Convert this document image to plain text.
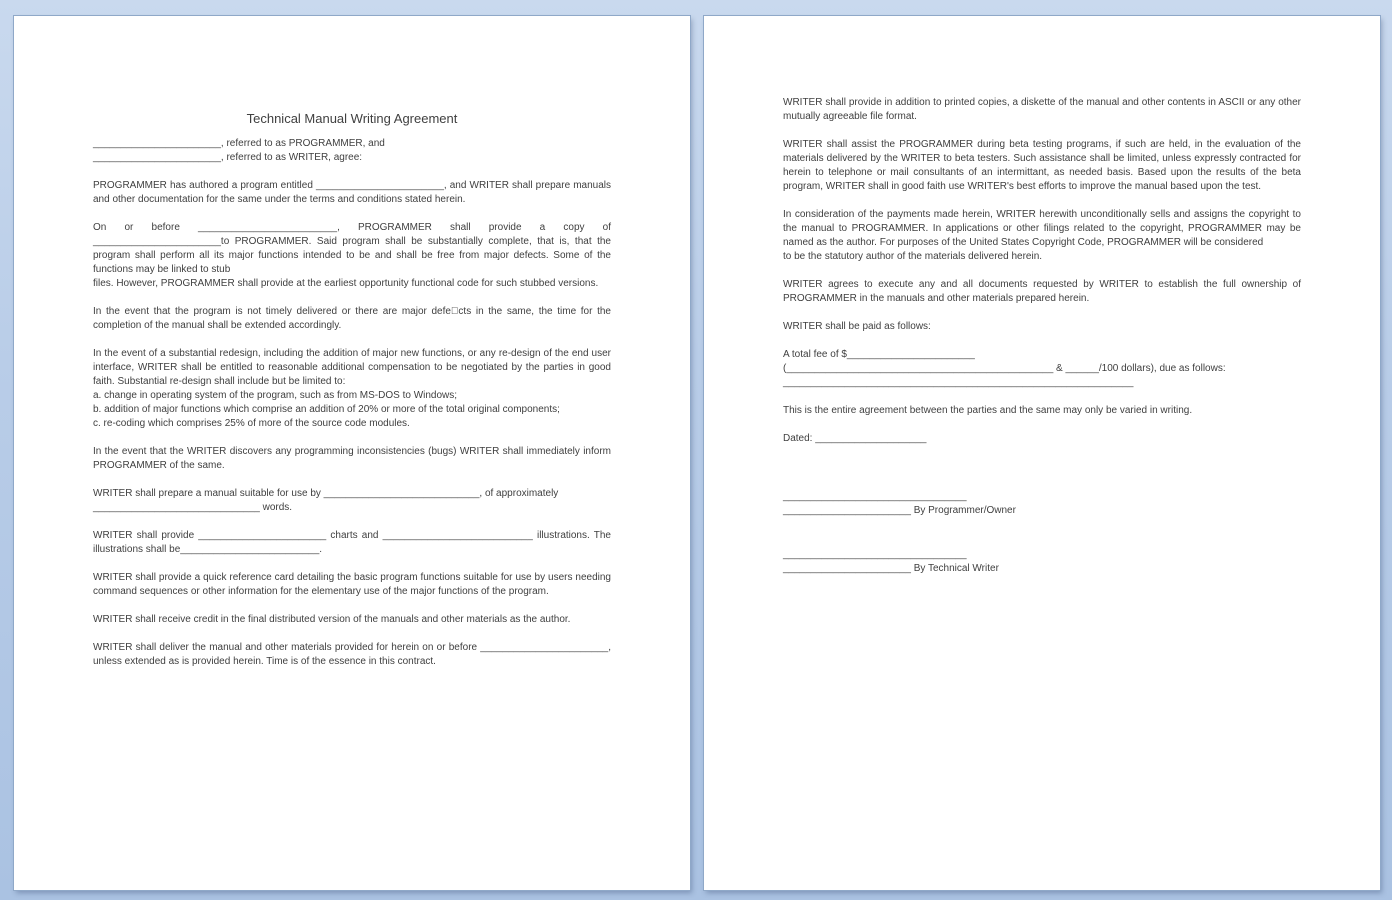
Technical Manual Writing Agreement

_______________________, referred to as PROGRAMMER, and
_______________________, referred to as WRITER, agree:

PROGRAMMER has authored a program entitled _______________________, and WRITER shall prepare manuals and other documentation for the same under the terms and conditions stated herein.

On or before _________________________, PROGRAMMER shall provide a copy of _______________________to PROGRAMMER. Said program shall be substantially complete, that is, that the program shall perform all its major functions intended to be and shall be free from major defects. Some of the functions may be linked to stub
files. However, PROGRAMMER shall provide at the earliest opportunity functional code for such stubbed versions.

In the event that the program is not timely delivered or there are major defe cts in the same, the time for the completion of the manual shall be extended accordingly.

In the event of a substantial redesign, including the addition of major new functions, or any re-design of the end user interface, WRITER shall be entitled to reasonable additional compensation to be negotiated by the parties in good faith. Substantial re-design shall include but be limited to:
a. change in operating system of the program, such as from MS-DOS to Windows;
b. addition of major functions which comprise an addition of 20% or more of the total original components;
c. re-coding which comprises 25% of more of the source code modules.

In the event that the WRITER discovers any programming inconsistencies (bugs) WRITER shall immediately inform PROGRAMMER of the same.

WRITER shall prepare a manual suitable for use by ____________________________, of approximately
______________________________ words.

WRITER shall provide _______________________ charts and ___________________________ illustrations. The illustrations shall be_________________________.

WRITER shall provide a quick reference card detailing the basic program functions suitable for use by users needing command sequences or other information for the elementary use of the major functions of the program.

WRITER shall receive credit in the final distributed version of the manuals and other materials as the author.

WRITER shall deliver the manual and other materials provided for herein on or before _______________________, unless extended as is provided herein. Time is of the essence in this contract.

WRITER shall provide in addition to printed copies, a diskette of the manual and other contents in ASCII or any other mutually agreeable file format.

WRITER shall assist the PROGRAMMER during beta testing programs, if such are held, in the evaluation of the materials delivered by the WRITER to beta testers. Such assistance shall be limited, unless expressly contracted for herein to telephone or mail consultants of an intermittant, as needed basis. Based upon the results of the beta program, WRITER shall in good faith use WRITER's best efforts to improve the manual based upon the test.

In consideration of the payments made herein, WRITER herewith unconditionally sells and assigns the copyright to the manual to PROGRAMMER. In applications or other filings related to the copyright, PROGRAMMER may be named as the author. For purposes of the United States Copyright Code, PROGRAMMER will be considered
to be the statutory author of the materials delivered herein.

WRITER agrees to execute any and all documents requested by WRITER to establish the full ownership of PROGRAMMER in the manuals and other materials prepared herein.

WRITER shall be paid as follows:

A total fee of $_______________________
(________________________________________________ & ______/100 dollars), due as follows:
_______________________________________________________________

This is the entire agreement between the parties and the same may only be varied in writing.

Dated: ____________________

_________________________________
_______________________ By Programmer/Owner

_________________________________
_______________________ By Technical Writer
